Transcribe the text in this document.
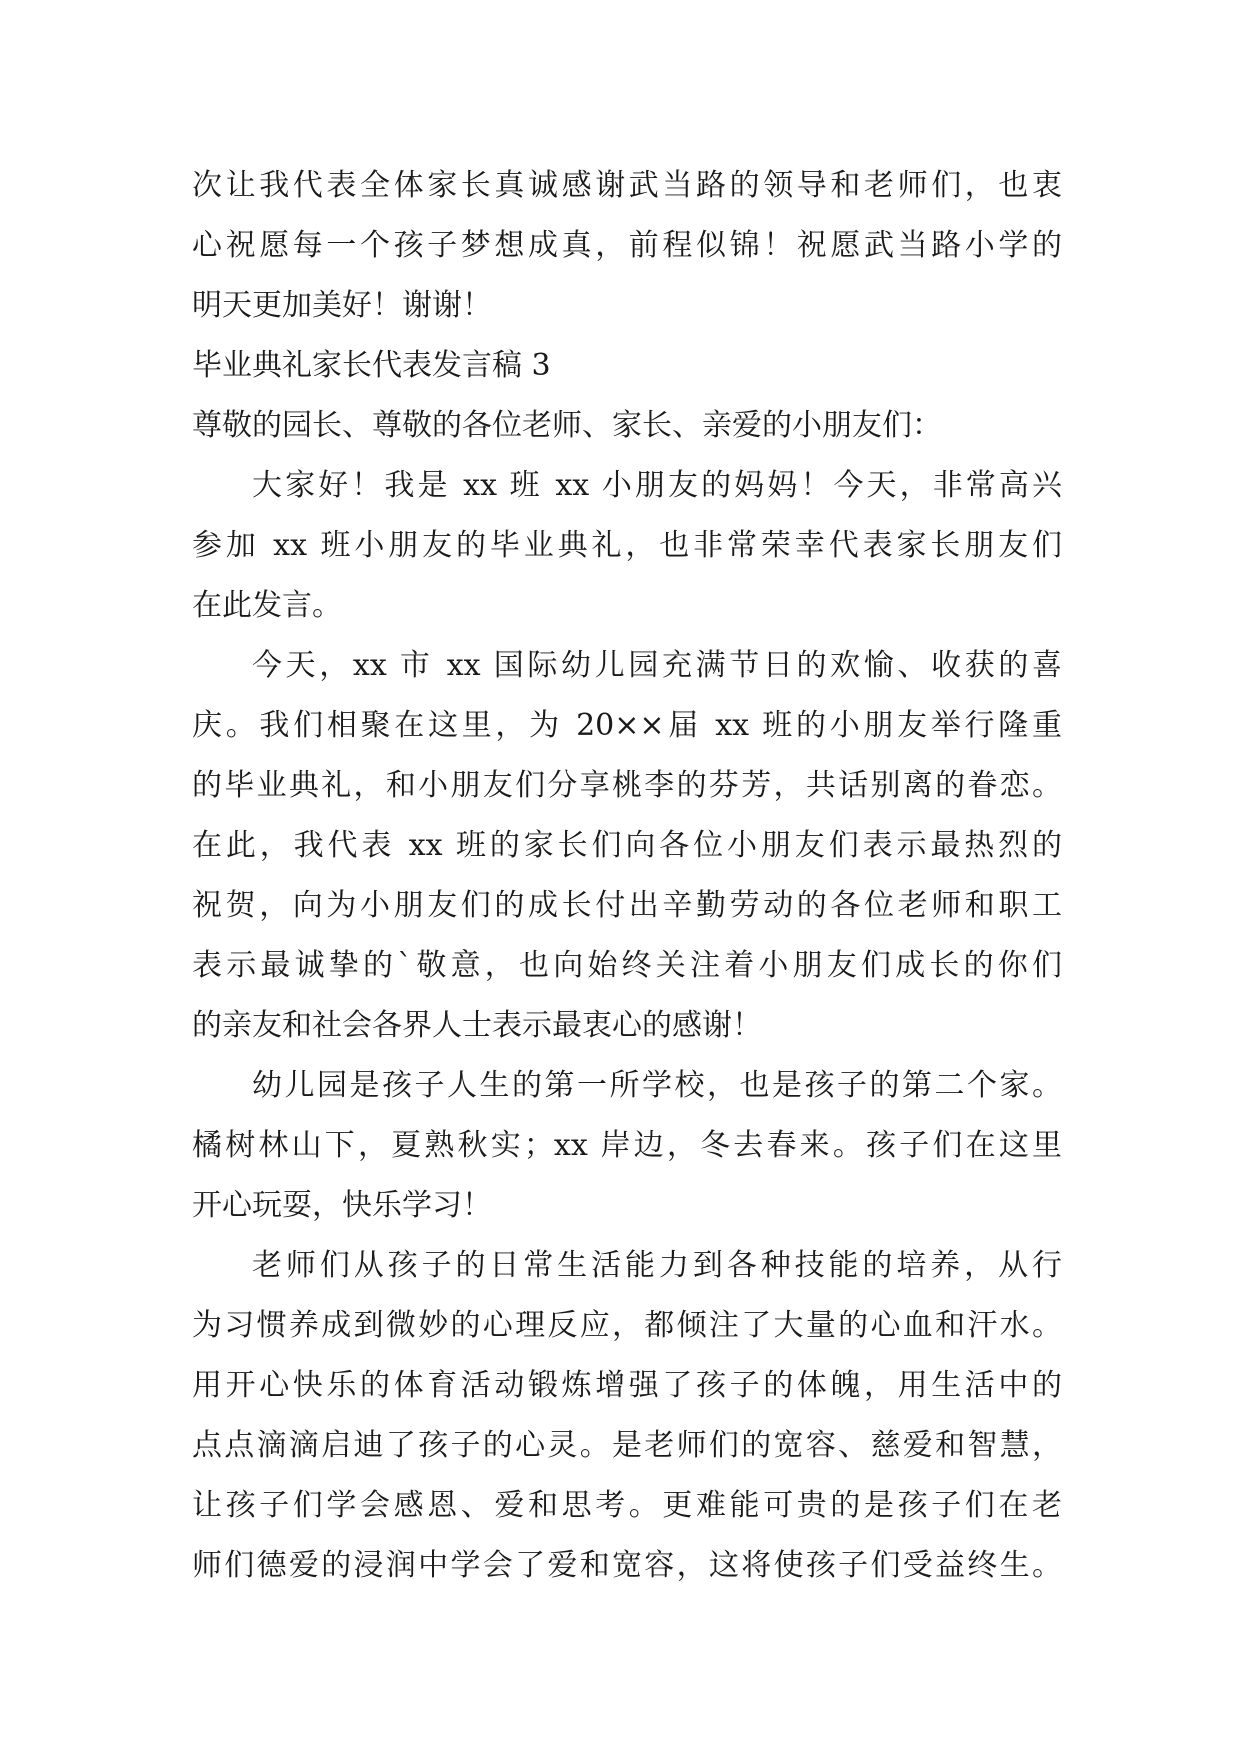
次让我代表全体家长真诚感谢武当路的领导和老师们，也衷
心祝愿每一个孩子梦想成真，前程似锦！祝愿武当路小学的
明天更加美好！谢谢！
毕业典礼家长代表发言稿 3
尊敬的园长、尊敬的各位老师、家长、亲爱的小朋友们：
大家好！我是 xx 班 xx 小朋友的妈妈！今天，非常高兴
参加 xx 班小朋友的毕业典礼，也非常荣幸代表家长朋友们
在此发言。
今天，xx 市 xx 国际幼儿园充满节日的欢愉、收获的喜
庆。我们相聚在这里，为 20××届 xx 班的小朋友举行隆重
的毕业典礼，和小朋友们分享桃李的芬芳，共话别离的眷恋。
在此，我代表 xx 班的家长们向各位小朋友们表示最热烈的
祝贺，向为小朋友们的成长付出辛勤劳动的各位老师和职工
表示最诚挚的`敬意，也向始终关注着小朋友们成长的你们
的亲友和社会各界人士表示最衷心的感谢！
幼儿园是孩子人生的第一所学校，也是孩子的第二个家。
橘树林山下，夏熟秋实；xx 岸边，冬去春来。孩子们在这里
开心玩耍，快乐学习！
老师们从孩子的日常生活能力到各种技能的培养，从行
为习惯养成到微妙的心理反应，都倾注了大量的心血和汗水。
用开心快乐的体育活动锻炼增强了孩子的体魄，用生活中的
点点滴滴启迪了孩子的心灵。是老师们的宽容、慈爱和智慧，
让孩子们学会感恩、爱和思考。更难能可贵的是孩子们在老
师们德爱的浸润中学会了爱和宽容，这将使孩子们受益终生。
